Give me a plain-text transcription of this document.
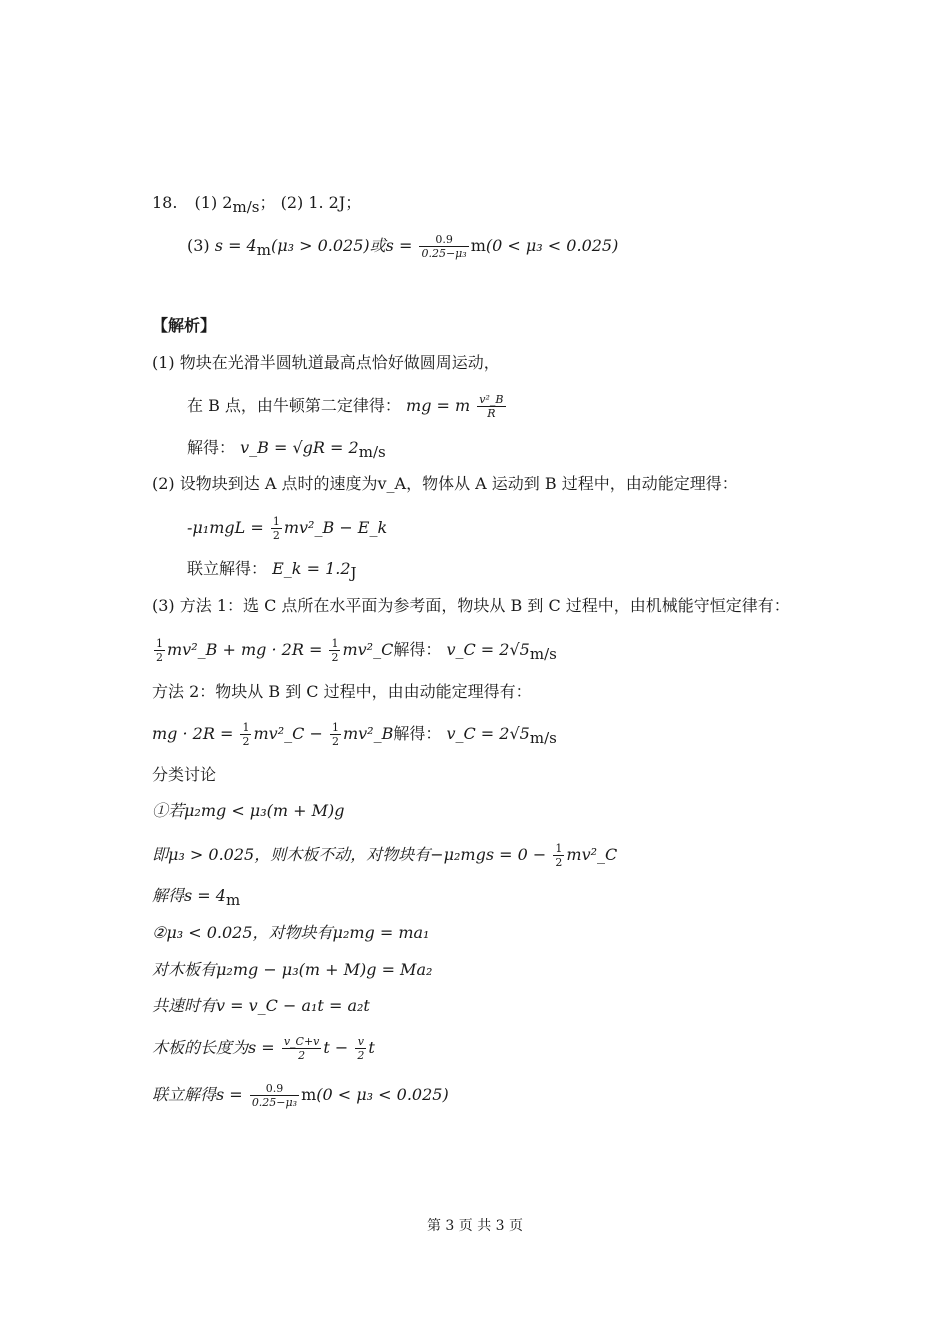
18. (1) 2m/s； (2) 1. 2J；
(3) s = 4m(μ₃ > 0.025)或$s = \frac{0.9}{\text{0.25−μ₃}} m(0 < \mu_3 < 0.025)$
【解析】
(1) 物块在光滑半圆轨道最高点恰好做圆周运动，
在 B 点，由牛顿第二定律得： mg = m $\frac{\text{v²\_B}}{R}$
解得： v_B = √gR = 2m/s
(2) 设物块到达 A 点时的速度为v_A，物体从 A 运动到 B 过程中，由动能定理得：
$-\mu_1mgL = \frac{1}{2}$ mv²_B − E_k
联立解得： E_k = 1.2J
(3) 方法 1：选 C 点所在水平面为参考面，物块从 B 到 C 过程中，由机械能守恒定律有：
$\frac{1}{2}$ mv²_B + mg · $2R = \frac{1}{2}$ mv²_C解得： v_C = 2√5m/s
方法 2：物块从 B 到 C 过程中，由由动能定理得有：
mg · $2R = \frac{1}{2}$ mv²_C − $\frac{1}{2}$ mv²_B解得： v_C = 2√5m/s
分类讨论
①若μ₂mg < μ₃(m + M)g
即μ₃ > 0.025，则木板不动，对物块有$-\mu_2mgs = 0 - \frac{1}{2}$ mv²_C
解得s = 4m
②μ₃ < 0.025，对物块有μ₂mg = ma₁
对木板有μ₂mg − μ₃(m + M)g = Ma₂
共速时有v = v_C − a₁t = a₂t
木板的长度为$s = \frac{v\_C+v}{2}$ $t - \frac{v}{2}$ t
联立解得$s = \frac{0.9}{\text{0.25−μ₃}} m(0 < \mu_3 < 0.025)$
第 3 页 共 3 页
